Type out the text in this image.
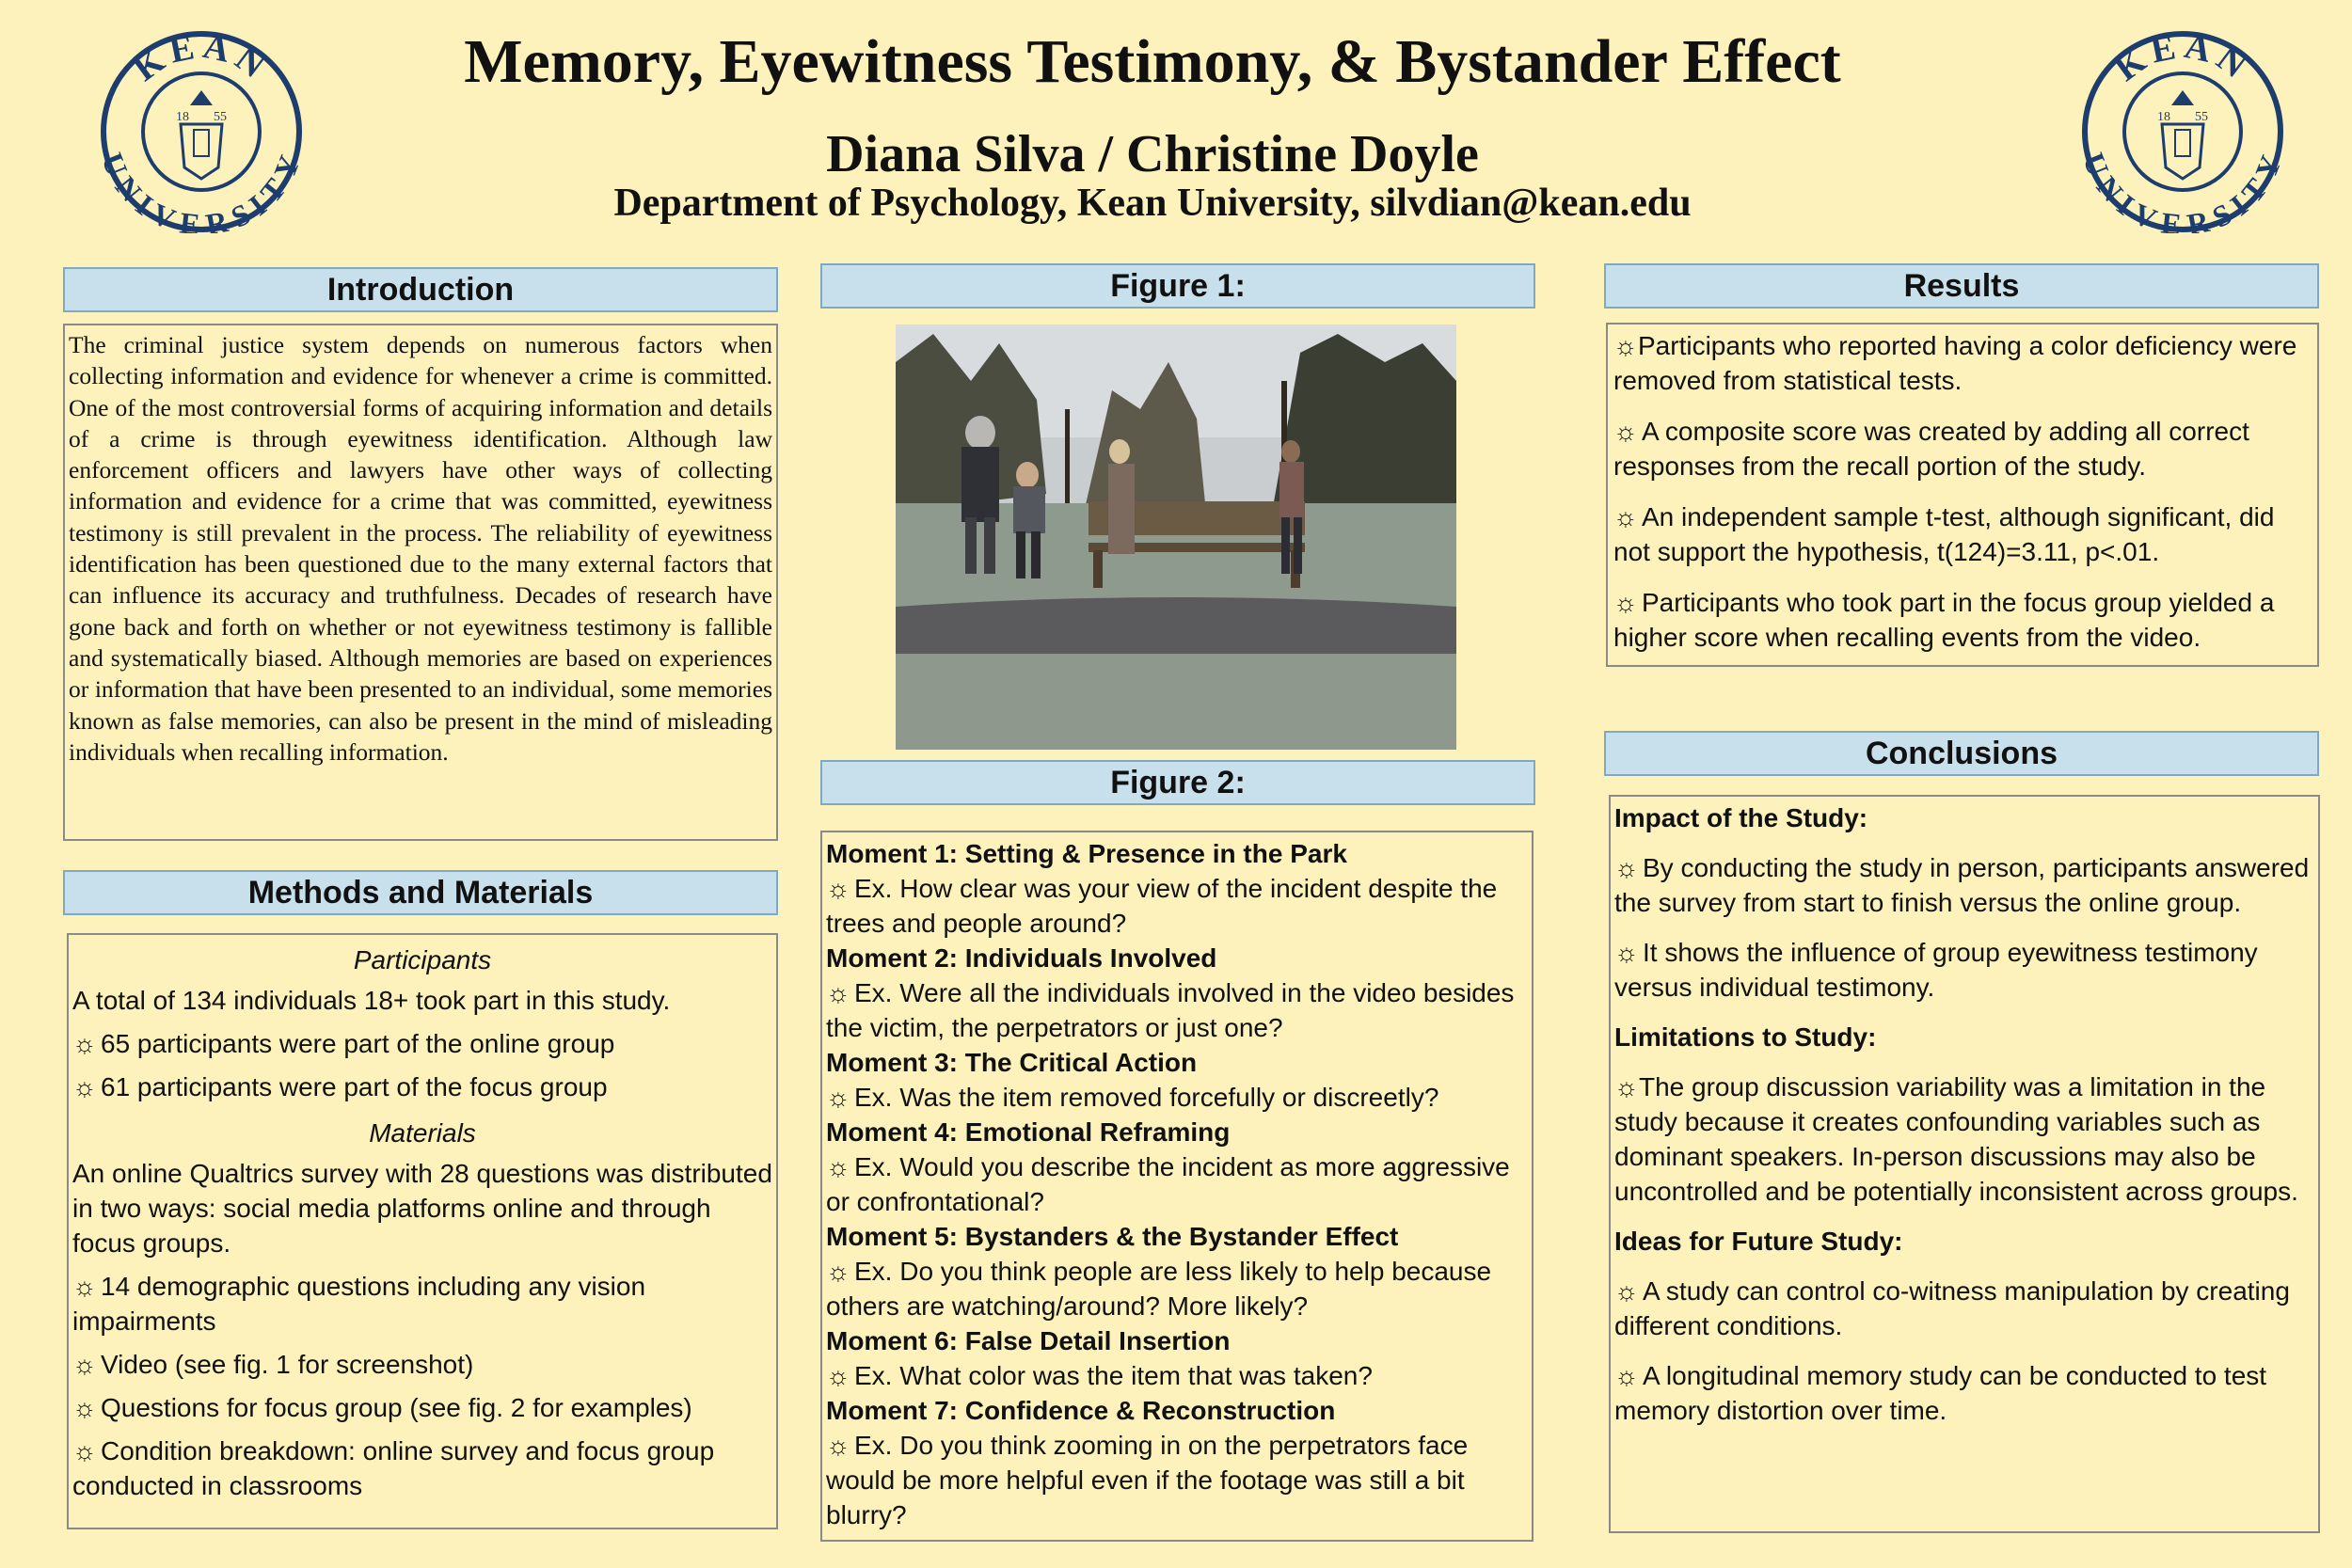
Memory, Eyewitness Testimony, & Bystander Effect
Diana Silva / Christine Doyle
Department of Psychology, Kean University, silvdian@kean.edu
KEAN
NIVERSIT
18 55
KEAN
NIVERSIT
18 55
Introduction
The criminal justice system depends on numerous factors when collecting information and evidence for whenever a crime is committed. One of the most controversial forms of acquiring information and details of a crime is through eyewitness identification. Although law enforcement officers and lawyers have other ways of collecting information and evidence for a crime that was committed, eyewitness testimony is still prevalent in the process. The reliability of eyewitness identification has been questioned due to the many external factors that can influence its accuracy and truthfulness. Decades of research have gone back and forth on whether or not eyewitness testimony is fallible and systematically biased. Although memories are based on experiences or information that have been presented to an individual, some memories known as false memories, can also be present in the mind of misleading individuals when recalling information.
Methods and Materials

Participants

A total of 134 individuals 18+ took part in this study.

☼ 65 participants were part of the online group

☼ 61 participants were part of the focus group

Materials

An online Qualtrics survey with 28 questions was distributed in two ways: social media platforms online and through focus groups.

☼ 14 demographic questions including any vision impairments

☼ Video (see fig. 1 for screenshot)

☼ Questions for focus group (see fig. 2 for examples)

☼ Condition breakdown: online survey and focus group conducted in classrooms

Figure 1:
Figure 2:

Moment 1: Setting & Presence in the Park

☼ Ex. How clear was your view of the incident despite the trees and people around?

Moment 2: Individuals Involved

☼ Ex. Were all the individuals involved in the video besides the victim, the perpetrators or just one?

Moment 3: The Critical Action

☼ Ex. Was the item removed forcefully or discreetly?

Moment 4: Emotional Reframing

☼ Ex. Would you describe the incident as more aggressive or confrontational?

Moment 5: Bystanders & the Bystander Effect

☼ Ex. Do you think people are less likely to help because others are watching/around? More likely?

Moment 6: False Detail Insertion

☼ Ex. What color was the item that was taken?

Moment 7: Confidence & Reconstruction

☼ Ex. Do you think zooming in on the perpetrators face would be more helpful even if the footage was still a bit blurry?

Results

☼Participants who reported having a color deficiency were removed from statistical tests.

☼ A composite score was created by adding all correct responses from the recall portion of the study.

☼ An independent sample t-test, although significant, did not support the hypothesis, t(124)=3.11, p<.01.

☼ Participants who took part in the focus group yielded a higher score when recalling events from the video.

Conclusions

Impact of the Study:

☼ By conducting the study in person, participants answered the survey from start to finish versus the online group.

☼ It shows the influence of group eyewitness testimony versus individual testimony.

Limitations to Study:

☼The group discussion variability was a limitation in the study because it creates confounding variables such as dominant speakers. In-person discussions may also be uncontrolled and be potentially inconsistent across groups.

Ideas for Future Study:

☼ A study can control co-witness manipulation by creating different conditions.

☼ A longitudinal memory study can be conducted to test memory distortion over time.
